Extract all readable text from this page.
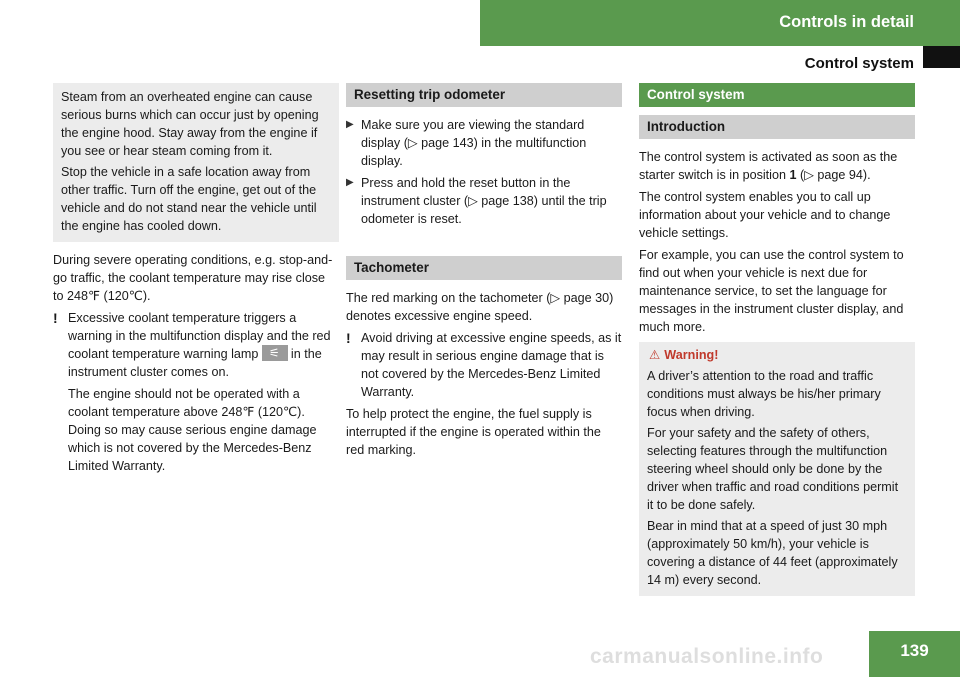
Controls in detail
Control system

Steam from an overheated engine can cause serious burns which can occur just by opening the engine hood. Stay away from the engine if you see or hear steam coming from it.

Stop the vehicle in a safe location away from other traffic. Turn off the engine, get out of the vehicle and do not stand near the vehicle until the engine has cooled down.

During severe operating conditions, e.g. stop-and-go traffic, the coolant temperature may rise close to 248℉ (120℃).

! Excessive coolant temperature triggers a warning in the multifunction display and the red coolant temperature warning lamp ⚟	in the instrument cluster comes on.

The engine should not be operated with a coolant temperature above 248℉ (120℃). Doing so may cause serious engine damage which is not covered by the Mercedes-Benz Limited Warranty.

Resetting trip odometer
▶ Make sure you are viewing the standard display (▷ page 143) in the multifunction display.
▶ Press and hold the reset button in the instrument cluster (▷ page 138) until the trip odometer is reset.
Tachometer

The red marking on the tachometer (▷ page 30) denotes excessive engine speed.

! Avoid driving at excessive engine speeds, as it may result in serious engine damage that is not covered by the Mercedes-Benz Limited Warranty.

To help protect the engine, the fuel supply is interrupted if the engine is operated within the red marking.

Control system
Introduction

The control system is activated as soon as the starter switch is in position 1 (▷ page 94).

The control system enables you to call up information about your vehicle and to change vehicle settings.

For example, you can use the control system to find out when your vehicle is next due for maintenance service, to set the language for messages in the instrument cluster display, and much more.

⚠ Warning!

A driver’s attention to the road and traffic conditions must always be his/her primary focus when driving.

For your safety and the safety of others, selecting features through the multifunction steering wheel should only be done by the driver when traffic and road conditions permit it to be done safely.

Bear in mind that at a speed of just 30 mph (approximately 50 km/h), your vehicle is covering a distance of 44 feet (approximately 14 m) every second.

carmanualsonline.info	139
